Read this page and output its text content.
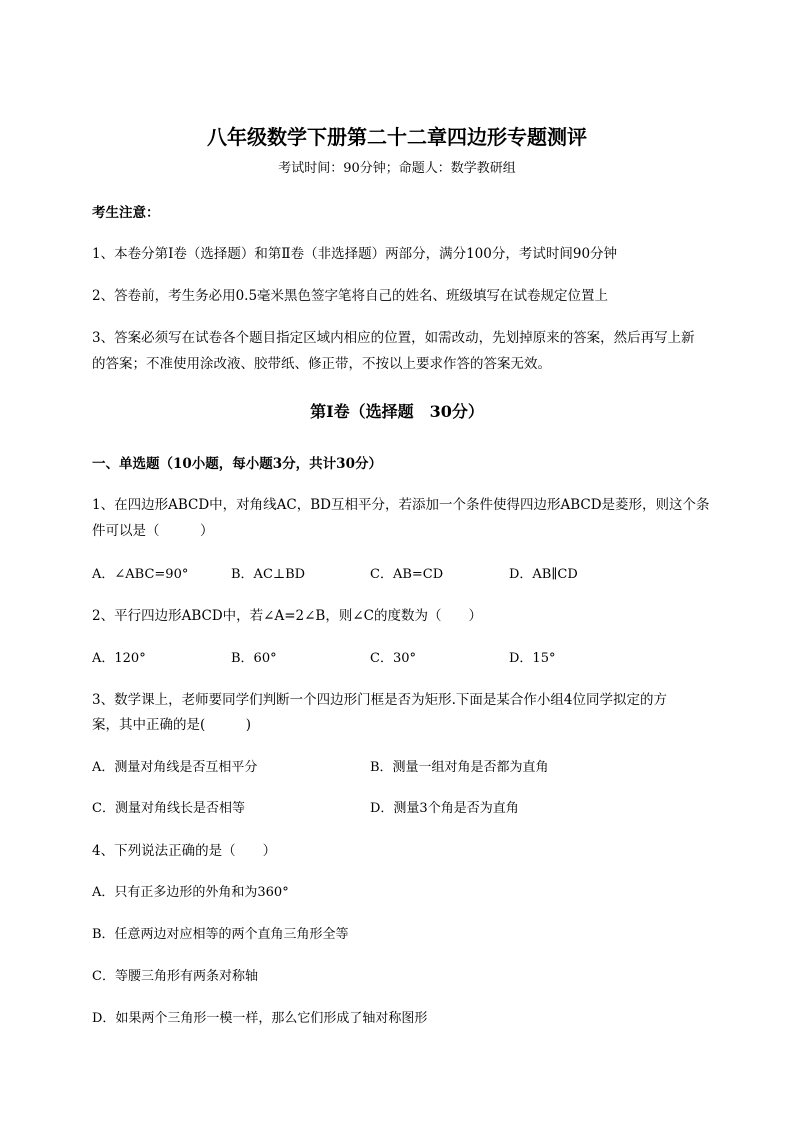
八年级数学下册第二十二章四边形专题测评
考试时间：90分钟；命题人：数学教研组
考生注意：
1、本卷分第I卷（选择题）和第Ⅱ卷（非选择题）两部分，满分100分，考试时间90分钟
2、答卷前，考生务必用0.5毫米黑色签字笔将自己的姓名、班级填写在试卷规定位置上
3、答案必须写在试卷各个题目指定区域内相应的位置，如需改动，先划掉原来的答案，然后再写上新
的答案；不准使用涂改液、胶带纸、修正带，不按以上要求作答的答案无效。
第I卷（选择题　30分）
一、单选题（10小题，每小题3分，共计30分）
1、在四边形ABCD中，对角线AC，BD互相平分，若添加一个条件使得四边形ABCD是菱形，则这个条
件可以是（　　　）
A．∠ABC=90°	B．AC⊥BD	C．AB=CD	D．AB∥CD
2、平行四边形ABCD中，若∠A=2∠B，则∠C的度数为（　　）
A．120°	B．60°	C．30°	D．15°
3、数学课上，老师要同学们判断一个四边形门框是否为矩形.下面是某合作小组4位同学拟定的方
案，其中正确的是(　　　)
A．测量对角线是否互相平分	B．测量一组对角是否都为直角
C．测量对角线长是否相等	D．测量3个角是否为直角
4、下列说法正确的是（　　）
A．只有正多边形的外角和为360°
B．任意两边对应相等的两个直角三角形全等
C．等腰三角形有两条对称轴
D．如果两个三角形一模一样，那么它们形成了轴对称图形
